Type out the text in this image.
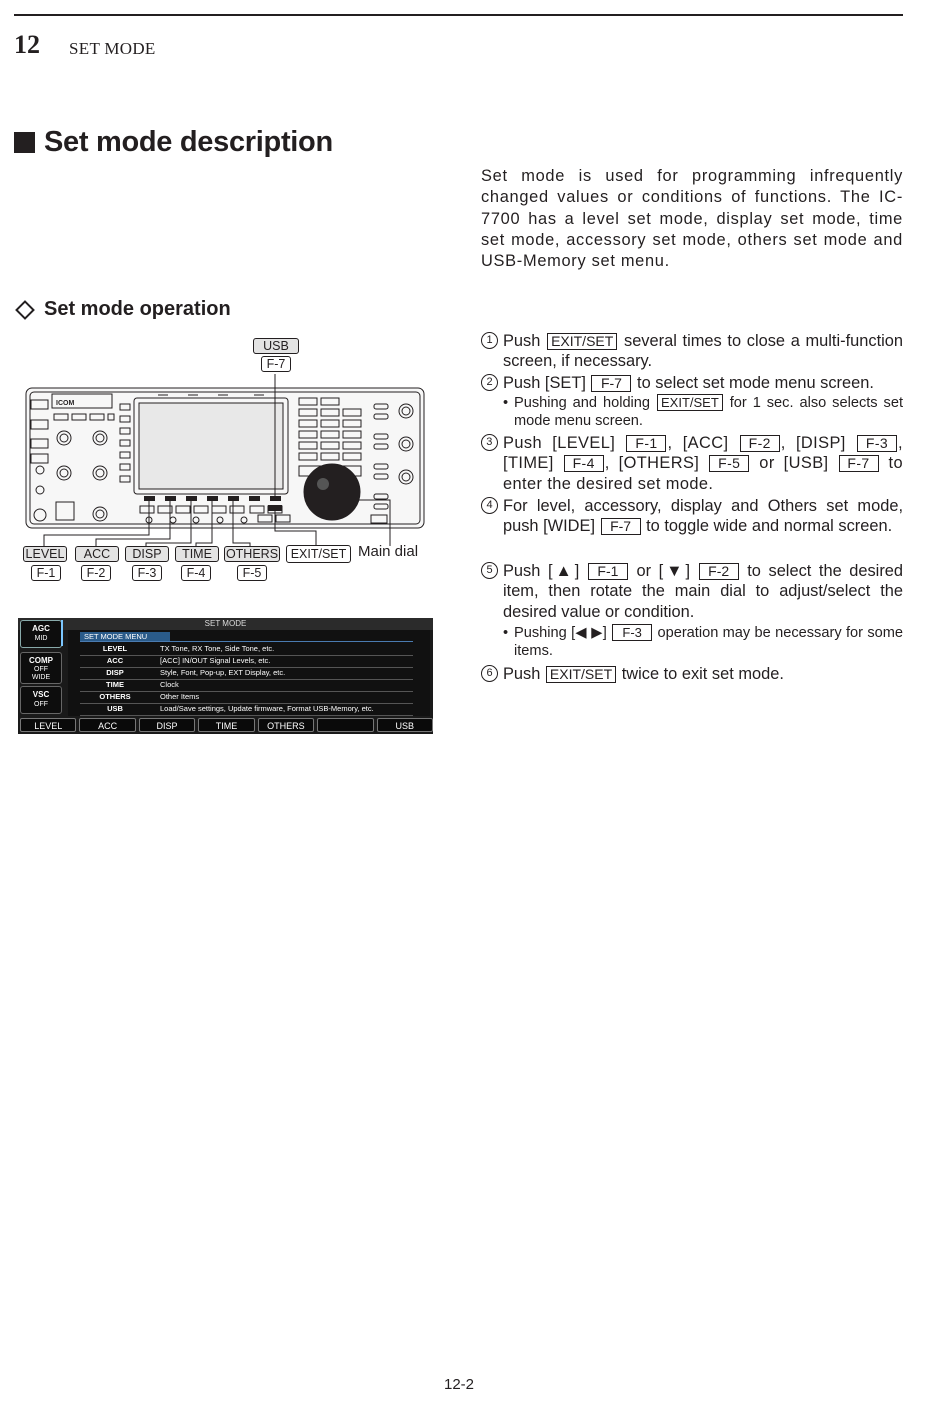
12 SET MODE
Set mode description
Set mode is used for programming infrequently changed values or conditions of functions. The IC-7700 has a level set mode, display set mode, time set mode, accessory set mode, others set mode and USB-Memory set menu.
Set mode operation
ICOM
USB
F-7
LEVEL	ACC	DISP	TIME	OTHERS	EXIT/SET Main dial
F-1	F-2	F-3	F-4	F-5
SET MODE
AGC
MID
COMP
OFF WIDE
VSC
OFF
SET MODE MENU
LEVEL	TX Tone, RX Tone, Side Tone, etc.
ACC	[ACC] IN/OUT Signal Levels, etc.
DISP	Style, Font, Pop-up, EXT Display, etc.
TIME	Clock
OTHERS	Other Items
USB	Load/Save settings, Update firmware, Format USB-Memory, etc.
LEVEL	ACC	DISP	TIME	OTHERS	USB
1 Push EXIT/SET several times to close a multi-function screen, if necessary.
2 Push [SET] F-7 to select set mode menu screen.
• Pushing and holding EXIT/SET for 1 sec. also selects set mode menu screen.
3 Push [LEVEL] F-1 , [ACC] F-2 , [DISP] F-3 , [TIME] F-4 , [OTHERS] F-5 or [USB] F-7 to enter the desired set mode.
4 For level, accessory, display and Others set mode, push [WIDE] F-7 to toggle wide and normal screen.
5 Push [▲] F-1 or [▼] F-2 to select the desired item, then rotate the main dial to adjust/select the desired value or condition.
• Pushing [◀ ▶] F-3 operation may be necessary for some items.
6 Push EXIT/SET twice to exit set mode.
12-2
